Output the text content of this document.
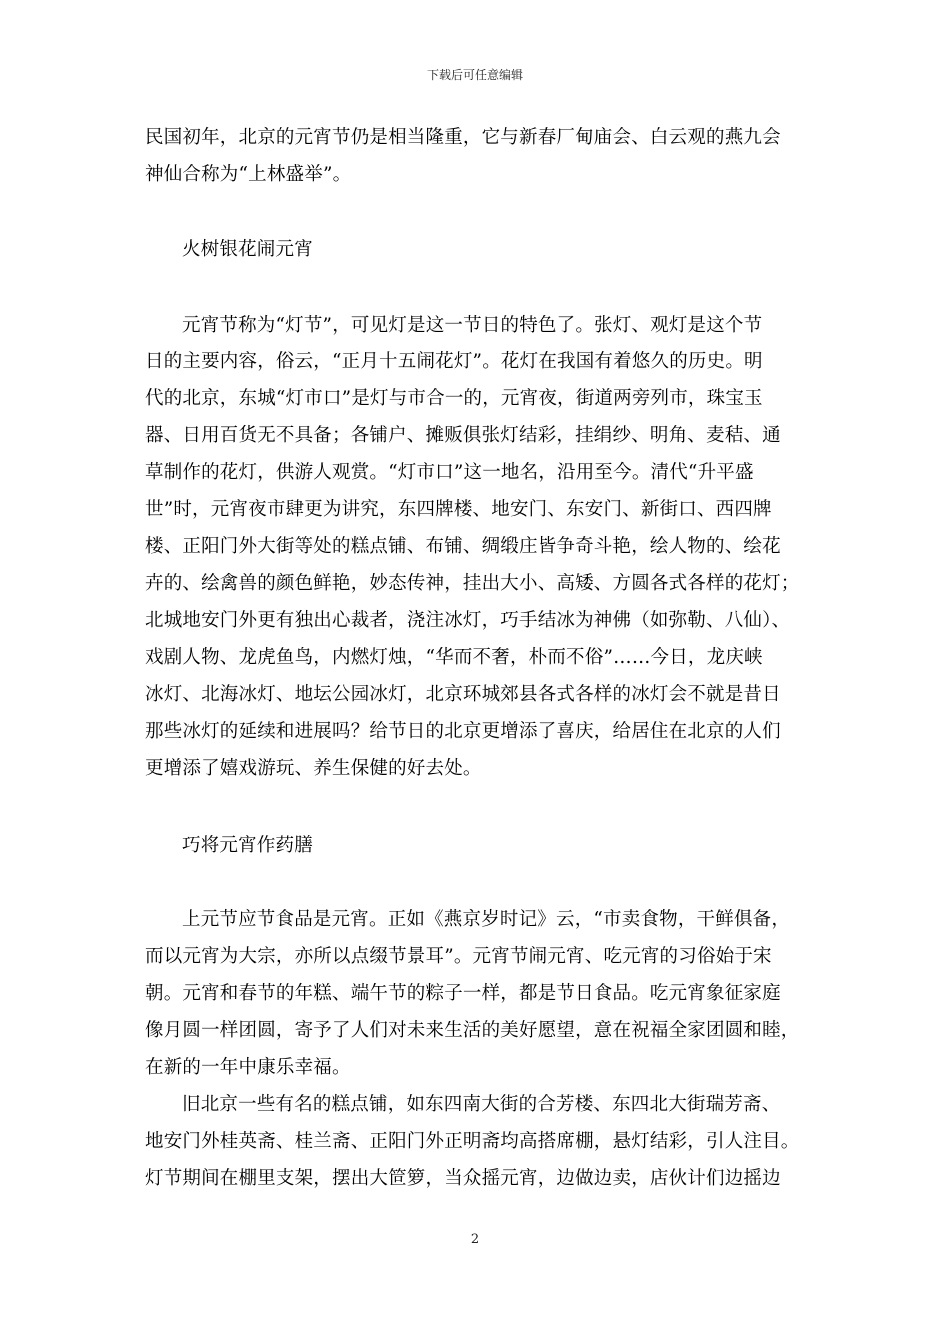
下载后可任意编辑
民国初年，北京的元宵节仍是相当隆重，它与新春厂甸庙会、白云观的燕九会
神仙合称为“上林盛举”。
火树银花闹元宵
元宵节称为“灯节”，可见灯是这一节日的特色了。张灯、观灯是这个节
日的主要内容，俗云，“正月十五闹花灯”。花灯在我国有着悠久的历史。明
代的北京，东城“灯市口”是灯与市合一的，元宵夜，街道两旁列市，珠宝玉
器、日用百货无不具备；各铺户、摊贩俱张灯结彩，挂绢纱、明角、麦秸、通
草制作的花灯，供游人观赏。“灯市口”这一地名，沿用至今。清代“升平盛
世”时，元宵夜市肆更为讲究，东四牌楼、地安门、东安门、新街口、西四牌
楼、正阳门外大街等处的糕点铺、布铺、绸缎庄皆争奇斗艳，绘人物的、绘花
卉的、绘禽兽的颜色鲜艳，妙态传神，挂出大小、高矮、方圆各式各样的花灯；
北城地安门外更有独出心裁者，浇注冰灯，巧手结冰为神佛（如弥勒、八仙）、
戏剧人物、龙虎鱼鸟，内燃灯烛，“华而不奢，朴而不俗”……今日，龙庆峡
冰灯、北海冰灯、地坛公园冰灯，北京环城郊县各式各样的冰灯会不就是昔日
那些冰灯的延续和进展吗？给节日的北京更增添了喜庆，给居住在北京的人们
更增添了嬉戏游玩、养生保健的好去处。
巧将元宵作药膳
上元节应节食品是元宵。正如《燕京岁时记》云，“市卖食物，干鲜俱备，
而以元宵为大宗，亦所以点缀节景耳”。元宵节闹元宵、吃元宵的习俗始于宋
朝。元宵和春节的年糕、端午节的粽子一样，都是节日食品。吃元宵象征家庭
像月圆一样团圆，寄予了人们对未来生活的美好愿望，意在祝福全家团圆和睦，
在新的一年中康乐幸福。
旧北京一些有名的糕点铺，如东四南大街的合芳楼、东四北大街瑞芳斋、
地安门外桂英斋、桂兰斋、正阳门外正明斋均高搭席棚，悬灯结彩，引人注目。
灯节期间在棚里支架，摆出大笸箩，当众摇元宵，边做边卖，店伙计们边摇边
2
